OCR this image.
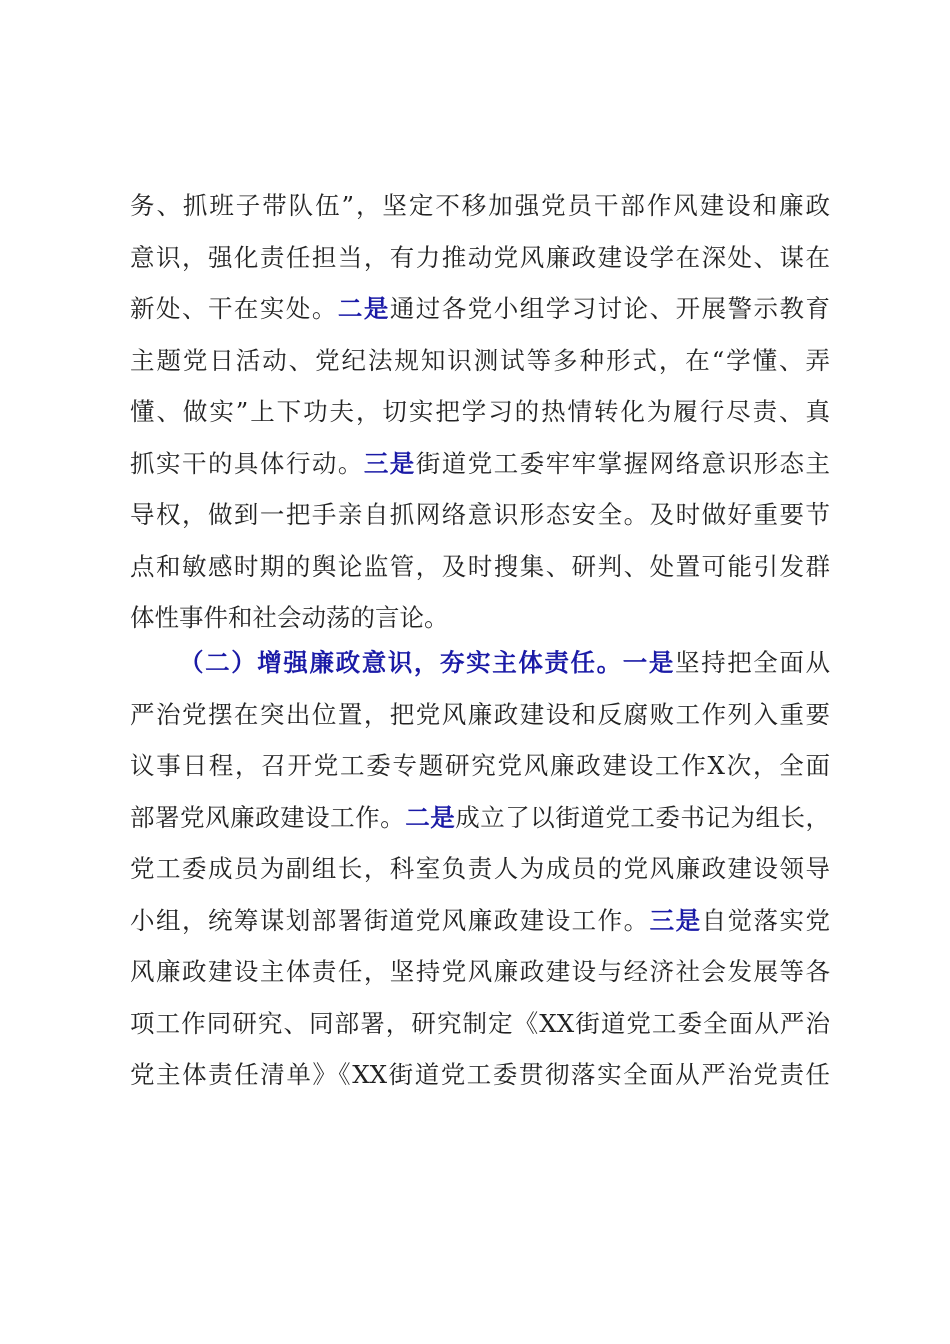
务、抓班子带队伍”，坚定不移加强党员干部作风建设和廉政
意识，强化责任担当，有力推动党风廉政建设学在深处、谋在
新处、干在实处。二是通过各党小组学习讨论、开展警示教育
主题党日活动、党纪法规知识测试等多种形式，在“学懂、弄
懂、做实”上下功夫，切实把学习的热情转化为履行尽责、真
抓实干的具体行动。三是街道党工委牢牢掌握网络意识形态主
导权，做到一把手亲自抓网络意识形态安全。及时做好重要节
点和敏感时期的舆论监管，及时搜集、研判、处置可能引发群
体性事件和社会动荡的言论。
（二）增强廉政意识，夯实主体责任。一是坚持把全面从
严治党摆在突出位置，把党风廉政建设和反腐败工作列入重要
议事日程，召开党工委专题研究党风廉政建设工作X次，全面
部署党风廉政建设工作。二是成立了以街道党工委书记为组长，
党工委成员为副组长，科室负责人为成员的党风廉政建设领导
小组，统筹谋划部署街道党风廉政建设工作。三是自觉落实党
风廉政建设主体责任，坚持党风廉政建设与经济社会发展等各
项工作同研究、同部署，研究制定《XX街道党工委全面从严治
党主体责任清单》《XX街道党工委贯彻落实全面从严治党责任
